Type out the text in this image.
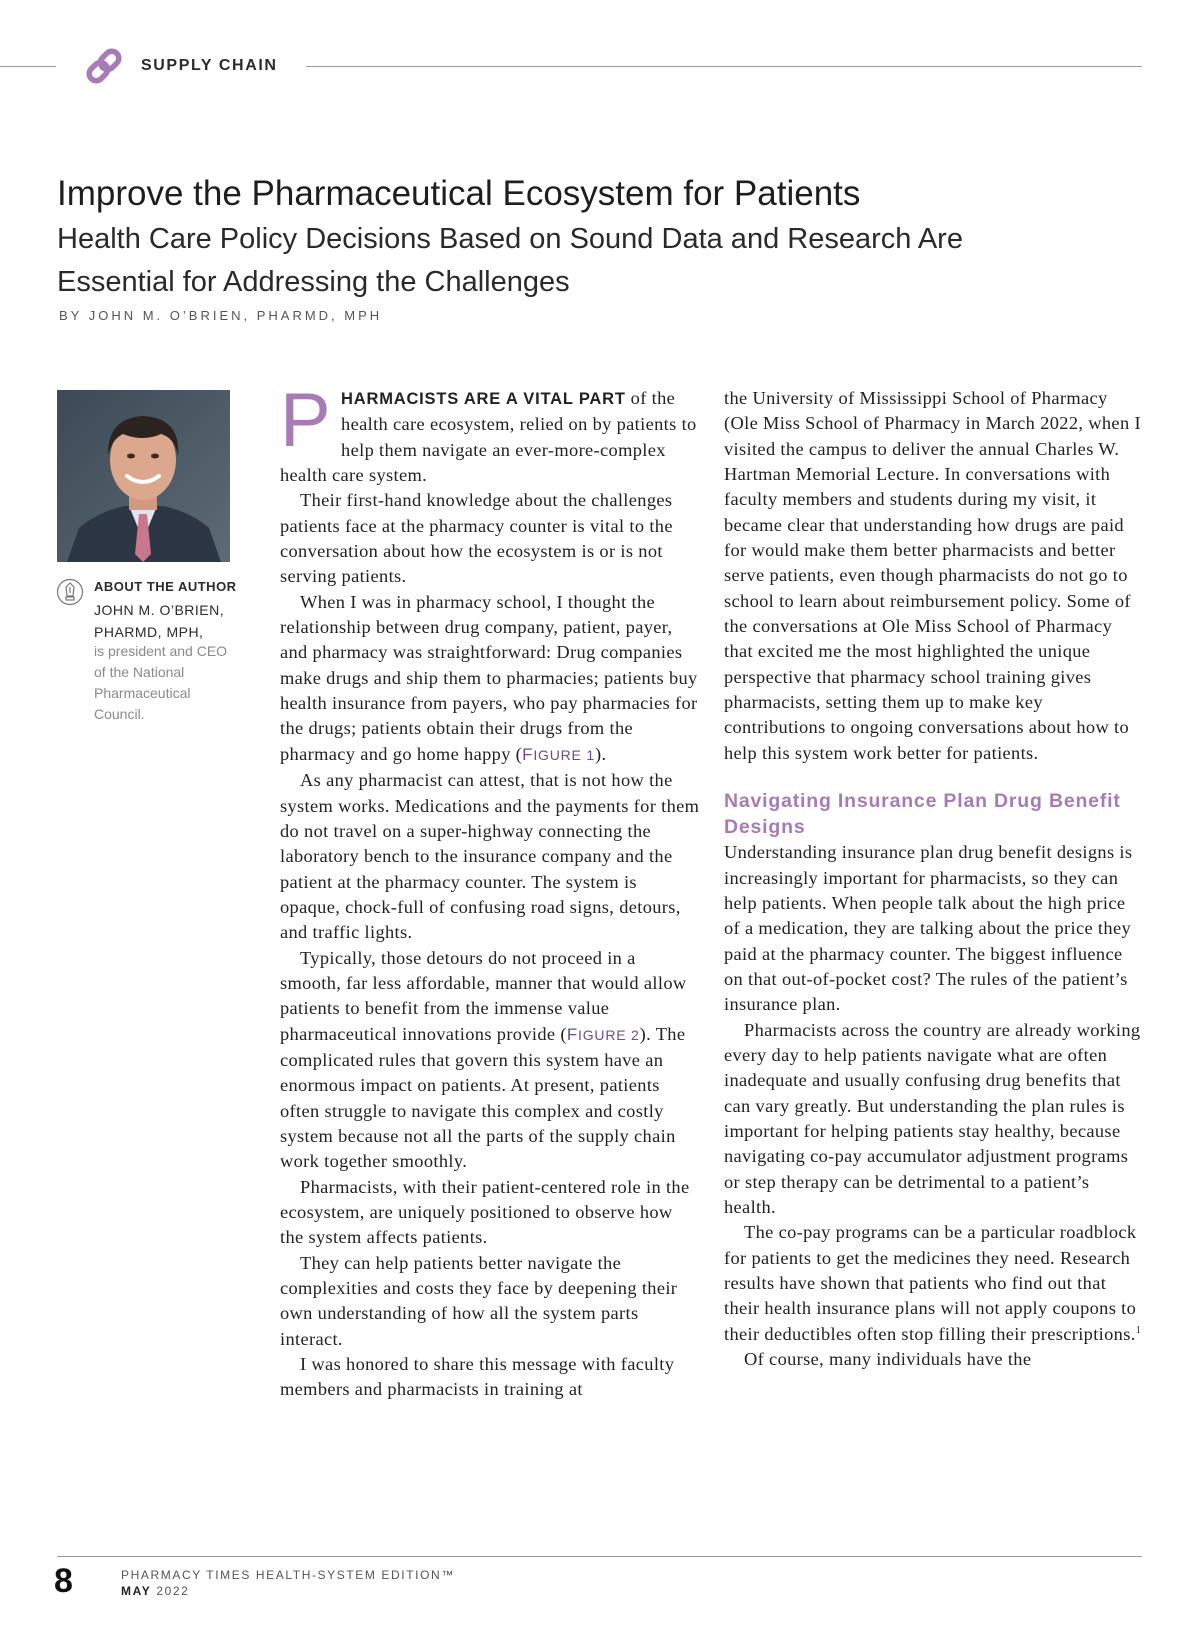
SUPPLY CHAIN
Improve the Pharmaceutical Ecosystem for Patients
Health Care Policy Decisions Based on Sound Data and Research Are Essential for Addressing the Challenges
BY JOHN M. O’BRIEN, PHARMD, MPH
ABOUT THE AUTHOR
JOHN M. O’BRIEN, PHARMD, MPH,
is president and CEO of the National Pharmaceutical Council.

PHARMACISTS ARE A VITAL PART of the health care ecosystem, relied on by patients to help them navigate an ever-more-complex health care system.

Their first-hand knowledge about the challenges patients face at the pharmacy counter is vital to the conversation about how the ecosystem is or is not serving patients.

When I was in pharmacy school, I thought the relationship between drug company, patient, payer, and pharmacy was straightforward: Drug companies make drugs and ship them to pharmacies; patients buy health insurance from payers, who pay pharmacies for the drugs; patients obtain their drugs from the pharmacy and go home happy (FIGURE 1).

As any pharmacist can attest, that is not how the system works. Medications and the payments for them do not travel on a super-highway connecting the laboratory bench to the insurance company and the patient at the pharmacy counter. The system is opaque, chock-full of confusing road signs, detours, and traffic lights.

Typically, those detours do not proceed in a smooth, far less affordable, manner that would allow patients to benefit from the immense value pharmaceutical innovations provide (FIGURE 2). The complicated rules that govern this system have an enormous impact on patients. At present, patients often struggle to navigate this complex and costly system because not all the parts of the supply chain work together smoothly.

Pharmacists, with their patient-centered role in the ecosystem, are uniquely positioned to observe how the system affects patients.

They can help patients better navigate the complexities and costs they face by deepening their own understanding of how all the system parts interact.

I was honored to share this message with faculty members and pharmacists in training at

the University of Mississippi School of Pharmacy (Ole Miss School of Pharmacy in March 2022, when I visited the campus to deliver the annual Charles W. Hartman Memorial Lecture. In conversations with faculty members and students during my visit, it became clear that understanding how drugs are paid for would make them better pharmacists and better serve patients, even though pharmacists do not go to school to learn about reimbursement policy. Some of the conversations at Ole Miss School of Pharmacy that excited me the most highlighted the unique perspective that pharmacy school training gives pharmacists, setting them up to make key contributions to ongoing conversations about how to help this system work better for patients.

Navigating Insurance Plan Drug Benefit Designs

Understanding insurance plan drug benefit designs is increasingly important for pharmacists, so they can help patients. When people talk about the high price of a medication, they are talking about the price they paid at the pharmacy counter. The biggest influence on that out-of-pocket cost? The rules of the patient’s insurance plan.

Pharmacists across the country are already working every day to help patients navigate what are often inadequate and usually confusing drug benefits that can vary greatly. But understanding the plan rules is important for helping patients stay healthy, because navigating co-pay accumulator adjustment programs or step therapy can be detrimental to a patient’s health.

The co-pay programs can be a particular roadblock for patients to get the medicines they need. Research results have shown that patients who find out that their health insurance plans will not apply coupons to their deductibles often stop filling their prescriptions.$^1$

Of course, many individuals have the

8	PHARMACY TIMES HEALTH-SYSTEM EDITION™
MAY 2022
